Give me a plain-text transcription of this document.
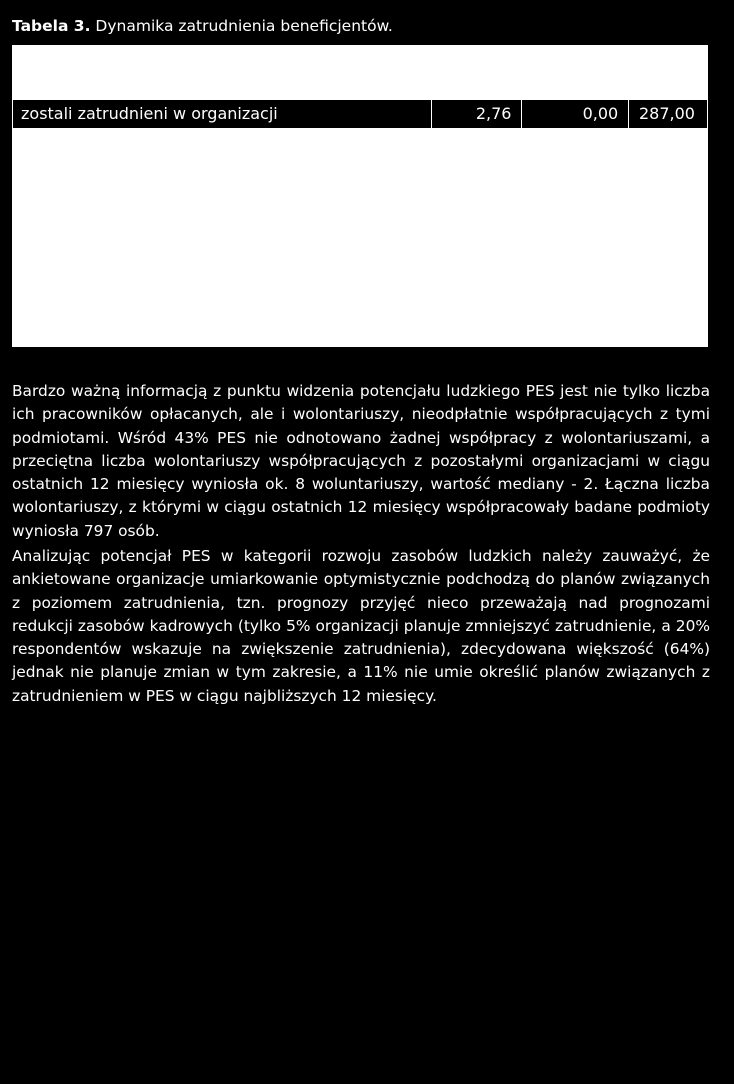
Tabela 3. Dynamika zatrudnienia beneficjentów.
zostali zatrudnieni w organizacji	2,76	0,00	287,00

Bardzo ważną informacją z punktu widzenia potencjału ludzkiego PES jest nie tylko liczba ich pracowników opłacanych, ale i wolontariuszy, nieodpłatnie współpracujących z tymi podmiotami. Wśród 43% PES nie odnotowano żadnej współpracy z wolontariuszami, a przeciętna liczba wolontariuszy współpracujących z pozostałymi organizacjami w ciągu ostatnich 12 miesięcy wyniosła ok. 8 woluntariuszy, wartość mediany - 2. Łączna liczba wolontariuszy, z którymi w ciągu ostatnich 12 miesięcy współpracowały badane podmioty wyniosła 797 osób.

Analizując potencjał PES w kategorii rozwoju zasobów ludzkich należy zauważyć, że ankietowane organizacje umiarkowanie optymistycznie podchodzą do planów związanych z poziomem zatrudnienia, tzn. prognozy przyjęć nieco przeważają nad prognozami redukcji zasobów kadrowych (tylko 5% organizacji planuje zmniejszyć zatrudnienie, a 20% respondentów wskazuje na zwiększenie zatrudnienia), zdecydowana większość (64%) jednak nie planuje zmian w tym zakresie, a 11% nie umie określić planów związanych z zatrudnieniem w PES w ciągu najbliższych 12 miesięcy.
